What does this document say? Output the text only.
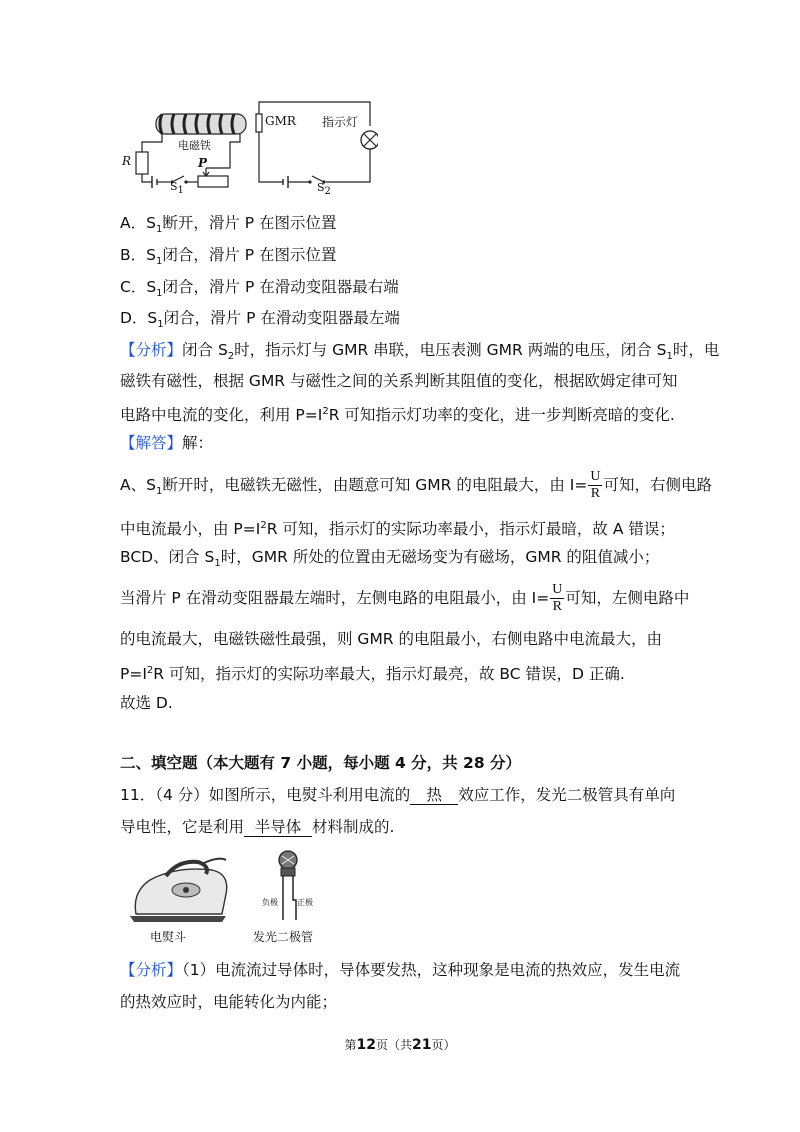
GMR 指示灯
电磁铁
R	P
$S_1$	$S_2$
A．$S_1$断开，滑片 P 在图示位置
B．$S_1$闭合，滑片 P 在图示位置
C．$S_1$闭合，滑片 P 在滑动变阻器最右端
D．$S_1$闭合，滑片 P 在滑动变阻器最左端
【分析】闭合 $S_2$时，指示灯与 GMR 串联，电压表测 GMR 两端的电压，闭合 $S_1$时，电
磁铁有磁性，根据 GMR 与磁性之间的关系判断其阻值的变化，根据欧姆定律可知
电路中电流的变化，利用 $P=I^2R$ 可知指示灯功率的变化，进一步判断亮暗的变化.
【解答】解：
A、$S_1$断开时，电磁铁无磁性，由题意可知 GMR 的电阻最大，由 $I= \frac{U}{R}$ 可知，右侧电路
中电流最小，由 $P=I^2R$ 可知，指示灯的实际功率最小，指示灯最暗，故 A 错误；
BCD、闭合 $S_1$时，GMR 所处的位置由无磁场变为有磁场，GMR 的阻值减小；
当滑片 P 在滑动变阻器最左端时，左侧电路的电阻最小，由 $I= \frac{U}{R}$ 可知，左侧电路中
的电流最大，电磁铁磁性最强，则 GMR 的电阻最小，右侧电路中电流最大，由
$P=I^2R$ 可知，指示灯的实际功率最大，指示灯最亮，故 BC 错误，D 正确.
故选 D.
二、填空题（本大题有 7 小题，每小题 4 分，共 28 分）
11．（4 分）如图所示，电熨斗利用电流的 热 效应工作，发光二极管具有单向
导电性，它是利用 半导体 材料制成的.
电熨斗
负极 正极
发光二极管
【分析】（1）电流流过导体时，导体要发热，这种现象是电流的热效应，发生电流
的热效应时，电能转化为内能；
第12页（共21页）
